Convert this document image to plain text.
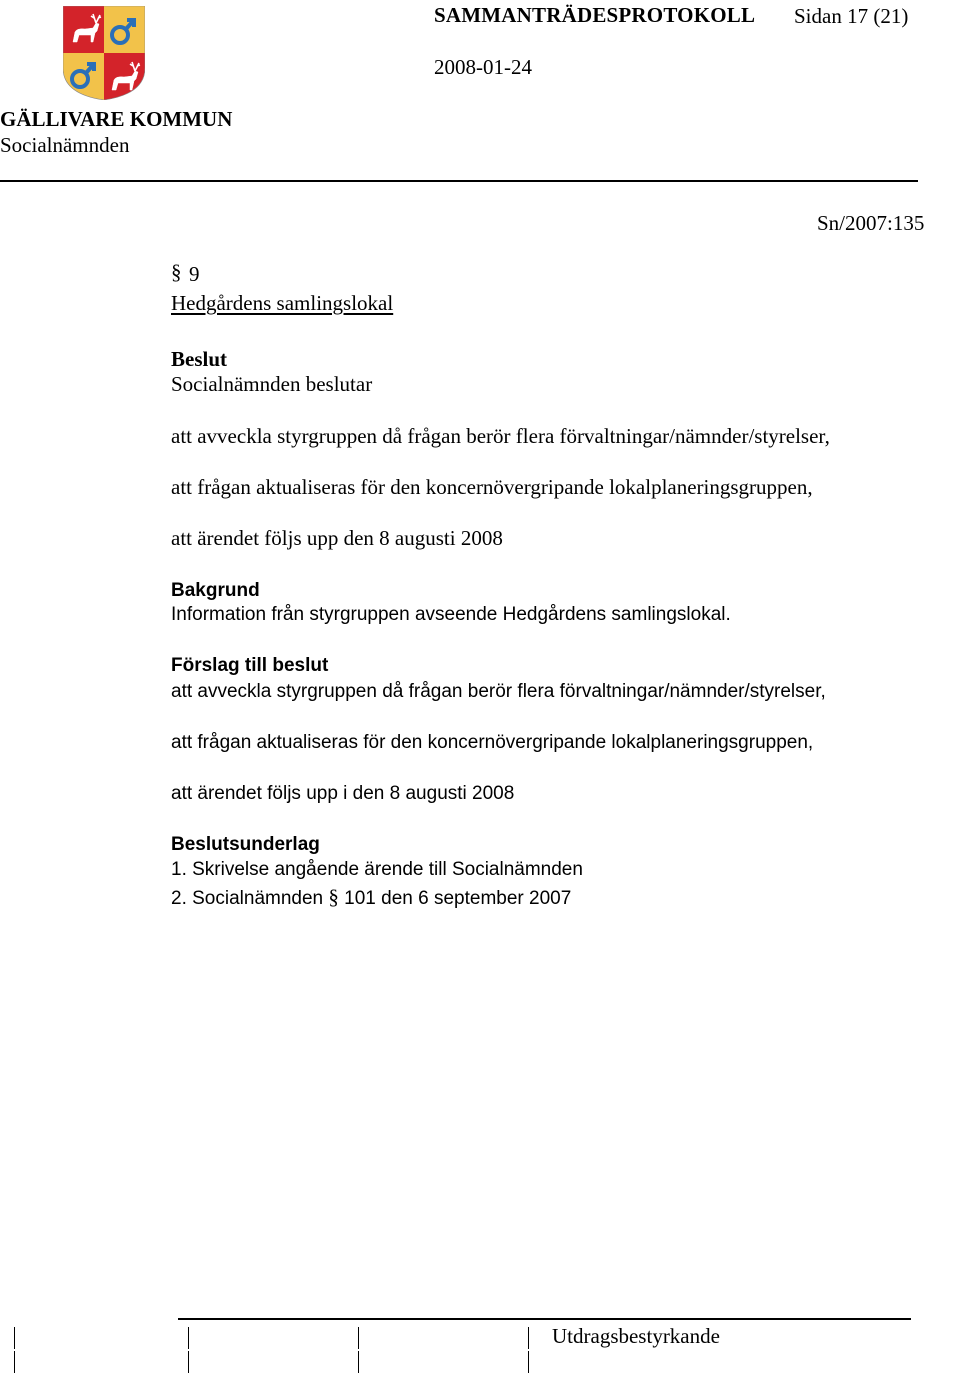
SAMMANTRÄDESPROTOKOLL Sidan 17 (21)
2008-01-24
GÄLLIVARE KOMMUN
Socialnämnden
Sn/2007:135
§ 9
Hedgårdens samlingslokal
Beslut
Socialnämnden beslutar
att avveckla styrgruppen då frågan berör flera förvaltningar/nämnder/styrelser,
att frågan aktualiseras för den koncernövergripande lokalplaneringsgruppen,
att ärendet följs upp den 8 augusti 2008
Bakgrund
Information från styrgruppen avseende Hedgårdens samlingslokal.
Förslag till beslut
att avveckla styrgruppen då frågan berör flera förvaltningar/nämnder/styrelser,
att frågan aktualiseras för den koncernövergripande lokalplaneringsgruppen,
att ärendet följs upp i den 8 augusti 2008
Beslutsunderlag
1. Skrivelse angående ärende till Socialnämnden
2. Socialnämnden § 101 den 6 september 2007
Utdragsbestyrkande
